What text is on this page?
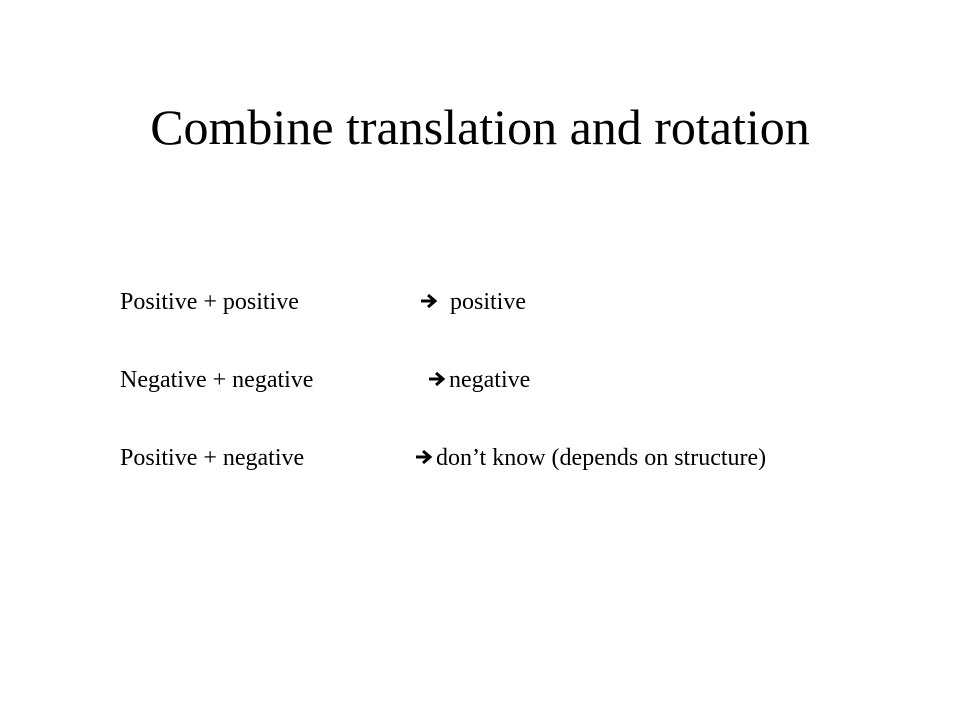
Combine translation and rotation
Positive + positive	positive
Negative + negative	negative
Positive + negative	don’t know (depends on structure)
